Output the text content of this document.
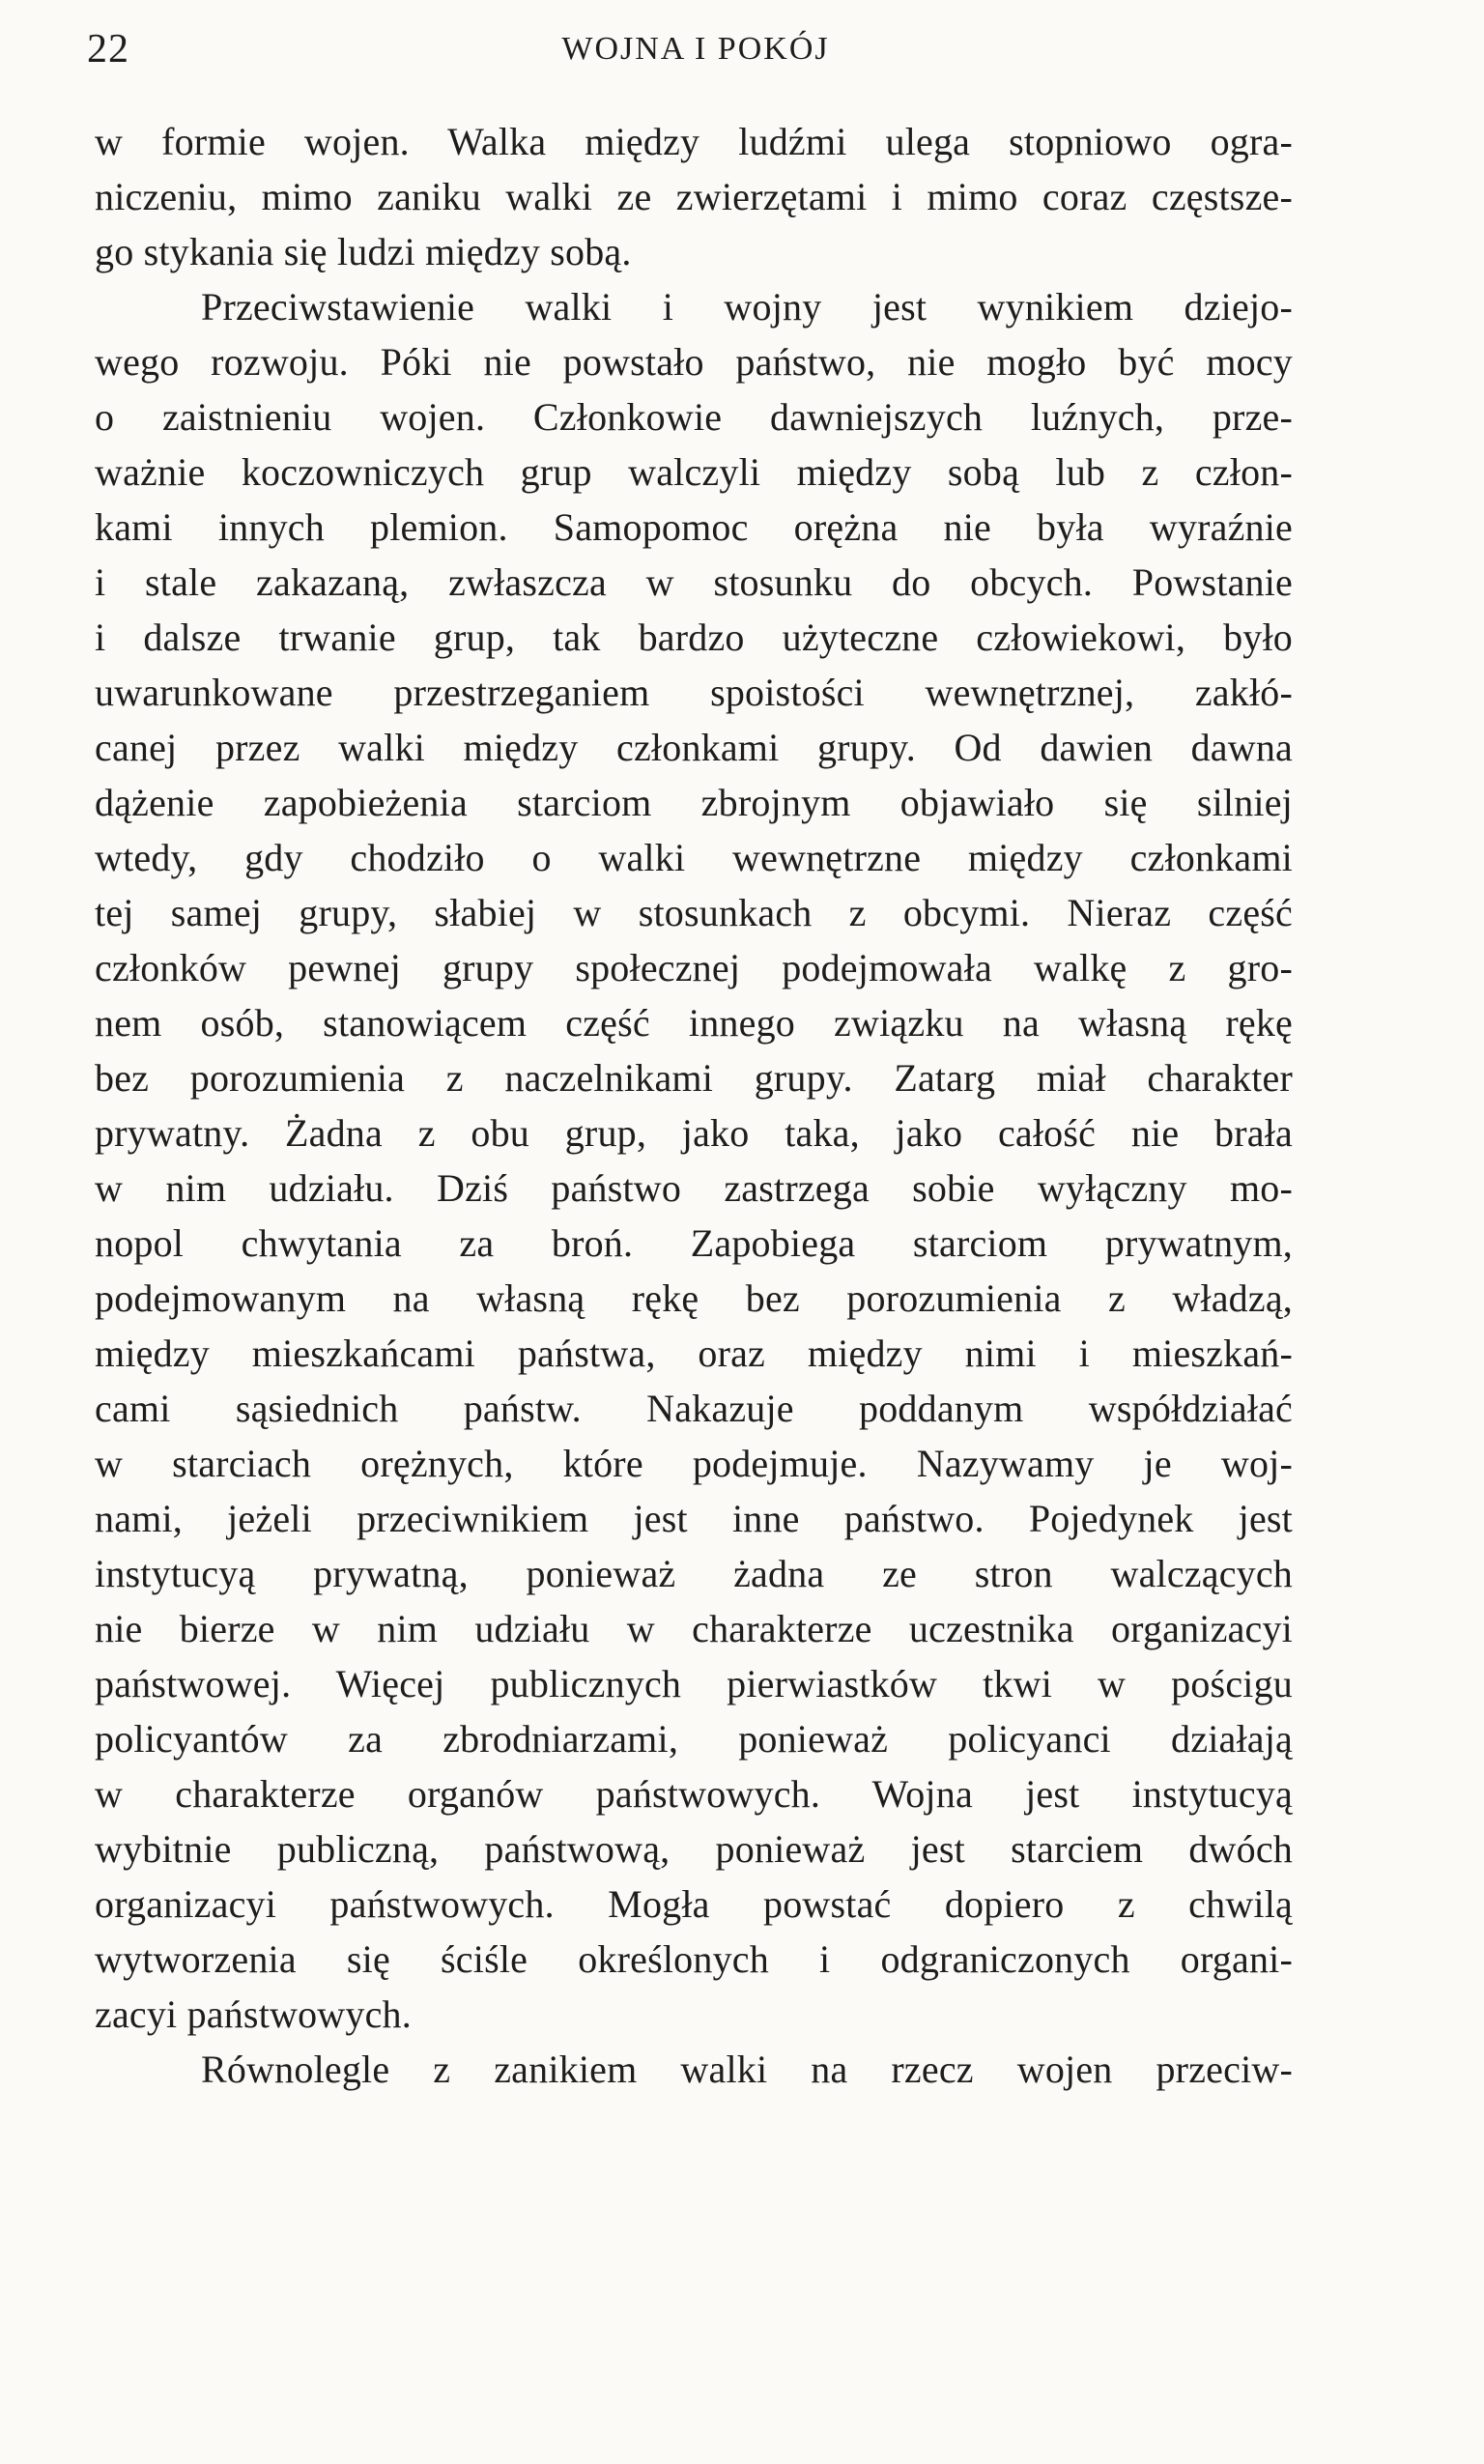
22	WOJNA I POKÓJ
w formie wojen. Walka między ludźmi ulega stopniowo ogra-
niczeniu, mimo zaniku walki ze zwierzętami i mimo coraz częstsze-
go stykania się ludzi między sobą.
Przeciwstawienie walki i wojny jest wynikiem dziejo-
wego rozwoju. Póki nie powstało państwo, nie mogło być mocy
o zaistnieniu wojen. Członkowie dawniejszych luźnych, prze-
ważnie koczowniczych grup walczyli między sobą lub z człon-
kami innych plemion. Samopomoc orężna nie była wyraźnie
i stale zakazaną, zwłaszcza w stosunku do obcych. Powstanie
i dalsze trwanie grup, tak bardzo użyteczne człowiekowi, było
uwarunkowane przestrzeganiem spoistości wewnętrznej, zakłó-
canej przez walki między członkami grupy. Od dawien dawna
dążenie zapobieżenia starciom zbrojnym objawiało się silniej
wtedy, gdy chodziło o walki wewnętrzne między członkami
tej samej grupy, słabiej w stosunkach z obcymi. Nieraz część
członków pewnej grupy społecznej podejmowała walkę z gro-
nem osób, stanowiącem część innego związku na własną rękę
bez porozumienia z naczelnikami grupy. Zatarg miał charakter
prywatny. Żadna z obu grup, jako taka, jako całość nie brała
w nim udziału. Dziś państwo zastrzega sobie wyłączny mo-
nopol chwytania za broń. Zapobiega starciom prywatnym,
podejmowanym na własną rękę bez porozumienia z władzą,
między mieszkańcami państwa, oraz między nimi i mieszkań-
cami sąsiednich państw. Nakazuje poddanym współdziałać
w starciach orężnych, które podejmuje. Nazywamy je woj-
nami, jeżeli przeciwnikiem jest inne państwo. Pojedynek jest
instytucyą prywatną, ponieważ żadna ze stron walczących
nie bierze w nim udziału w charakterze uczestnika organizacyi
państwowej. Więcej publicznych pierwiastków tkwi w pościgu
policyantów za zbrodniarzami, ponieważ policyanci działają
w charakterze organów państwowych. Wojna jest instytucyą
wybitnie publiczną, państwową, ponieważ jest starciem dwóch
organizacyi państwowych. Mogła powstać dopiero z chwilą
wytworzenia się ściśle określonych i odgraniczonych organi-
zacyi państwowych.
Równolegle z zanikiem walki na rzecz wojen przeciw-
